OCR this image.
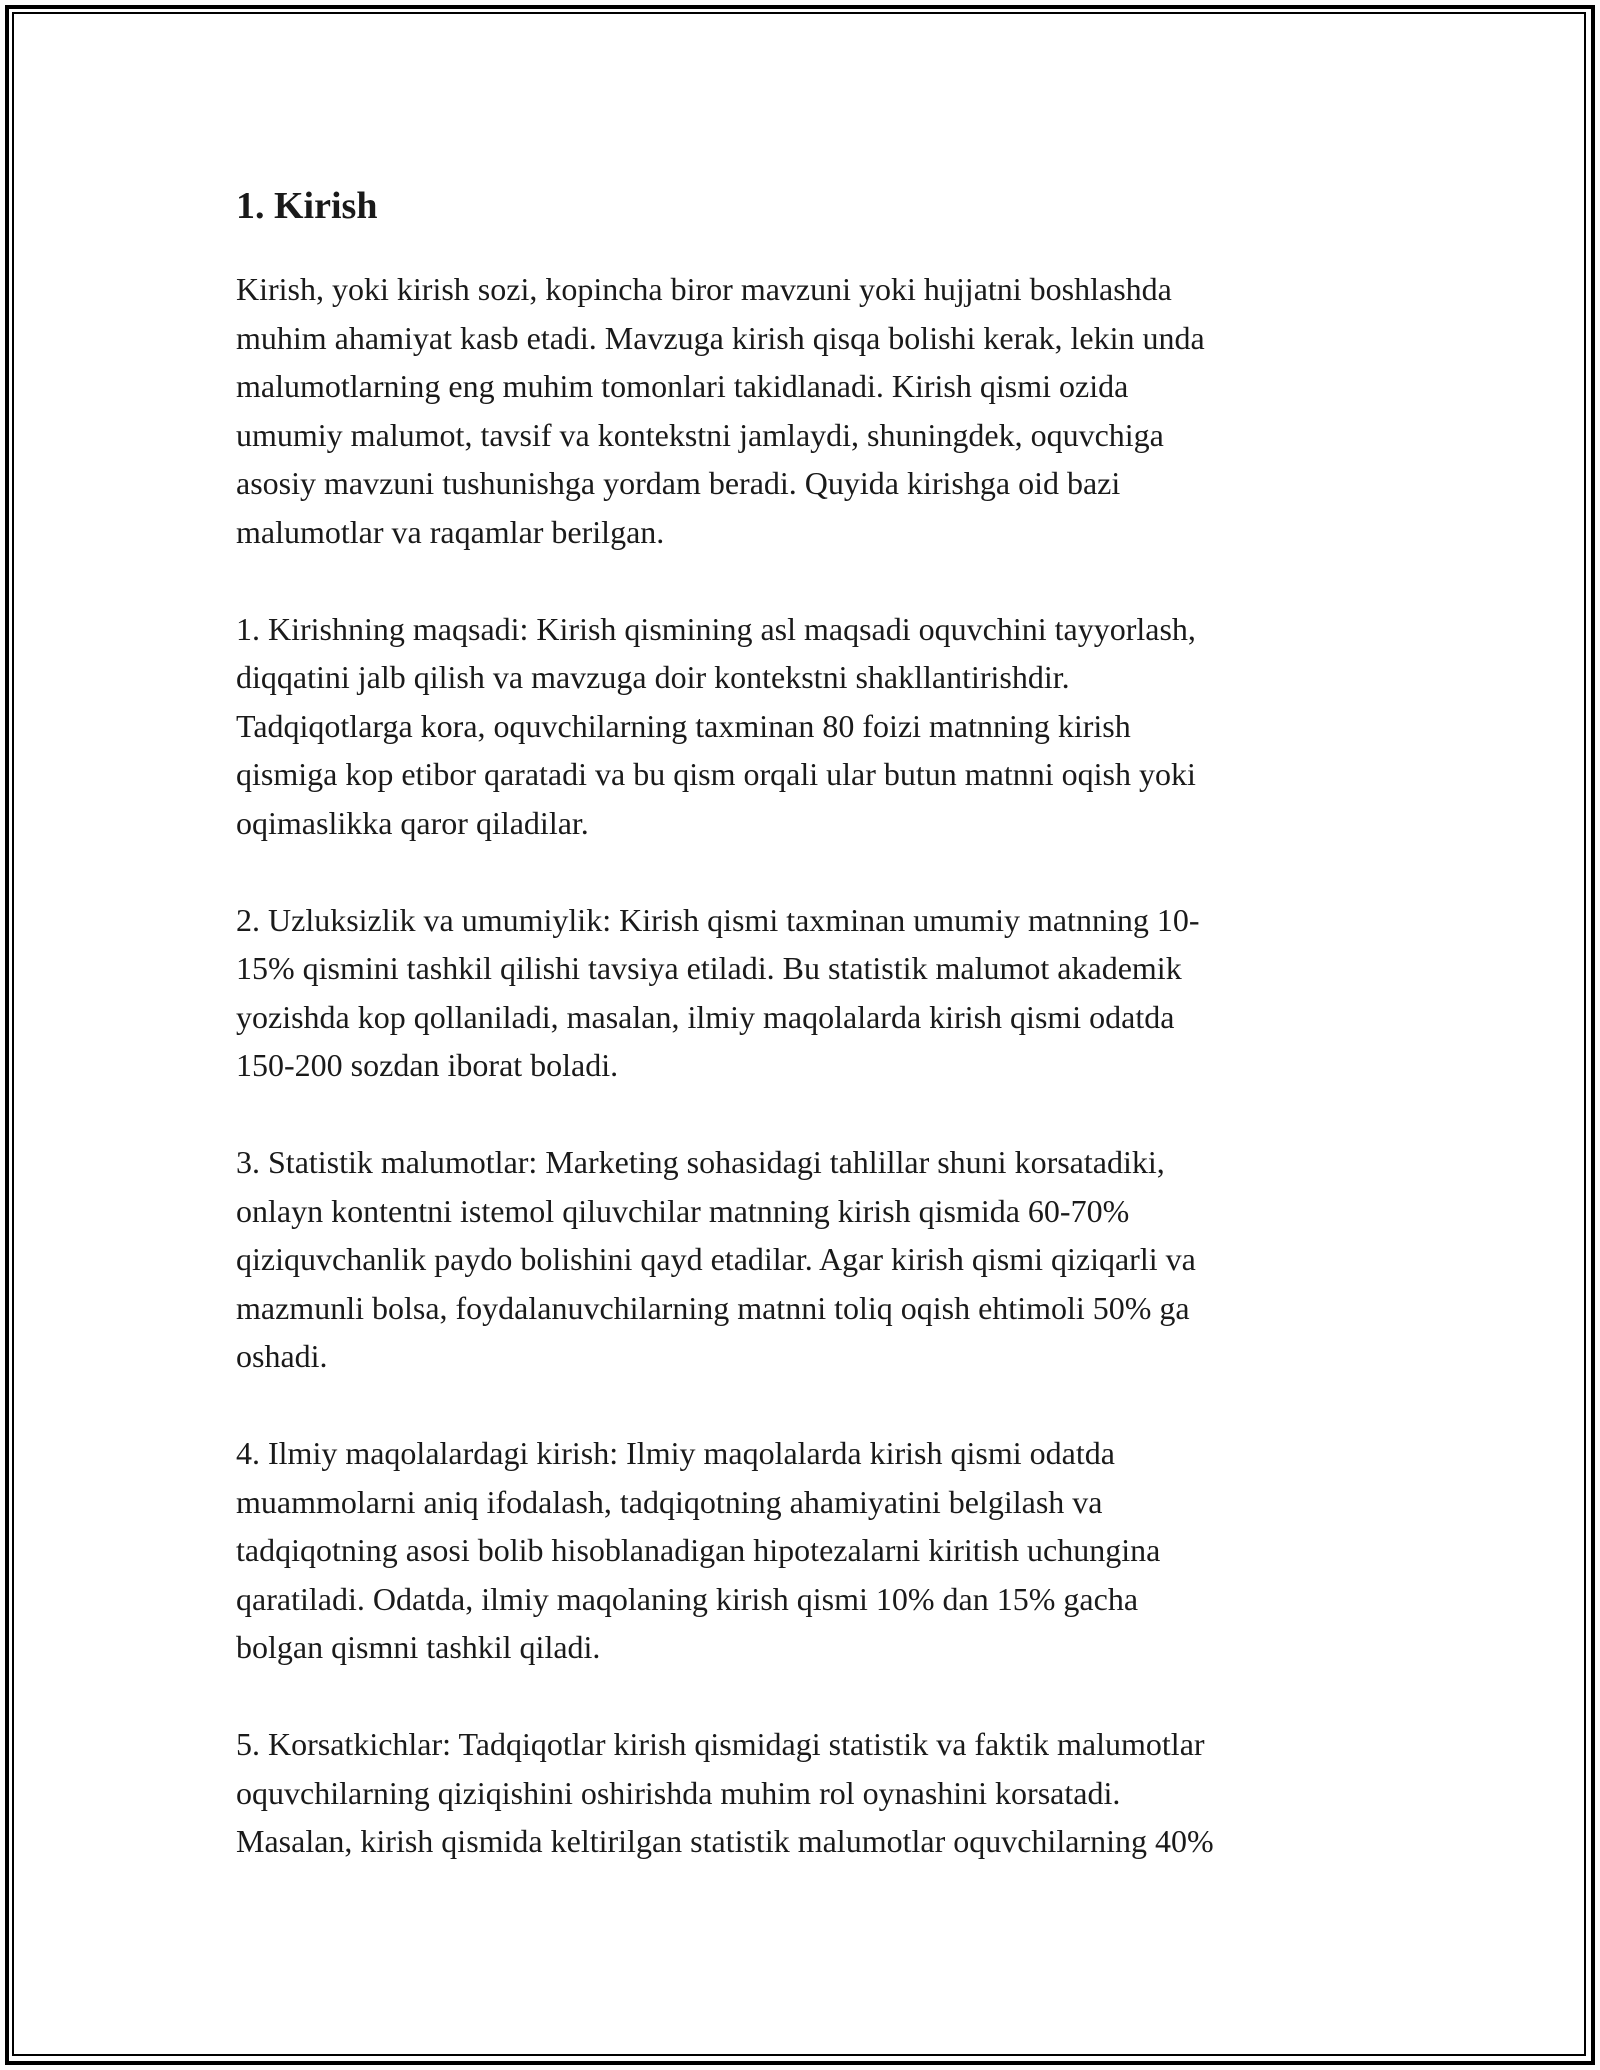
1. Kirish

Kirish, yoki kirish sozi, kopincha biror mavzuni yoki hujjatni boshlashda
muhim ahamiyat kasb etadi. Mavzuga kirish qisqa bolishi kerak, lekin unda
malumotlarning eng muhim tomonlari takidlanadi. Kirish qismi ozida
umumiy malumot, tavsif va kontekstni jamlaydi, shuningdek, oquvchiga
asosiy mavzuni tushunishga yordam beradi. Quyida kirishga oid bazi
malumotlar va raqamlar berilgan.

1. Kirishning maqsadi: Kirish qismining asl maqsadi oquvchini tayyorlash,
diqqatini jalb qilish va mavzuga doir kontekstni shakllantirishdir.
Tadqiqotlarga kora, oquvchilarning taxminan 80 foizi matnning kirish
qismiga kop etibor qaratadi va bu qism orqali ular butun matnni oqish yoki
oqimaslikka qaror qiladilar.

2. Uzluksizlik va umumiylik: Kirish qismi taxminan umumiy matnning 10-
15% qismini tashkil qilishi tavsiya etiladi. Bu statistik malumot akademik
yozishda kop qollaniladi, masalan, ilmiy maqolalarda kirish qismi odatda
150-200 sozdan iborat boladi.

3. Statistik malumotlar: Marketing sohasidagi tahlillar shuni korsatadiki,
onlayn kontentni istemol qiluvchilar matnning kirish qismida 60-70%
qiziquvchanlik paydo bolishini qayd etadilar. Agar kirish qismi qiziqarli va
mazmunli bolsa, foydalanuvchilarning matnni toliq oqish ehtimoli 50% ga
oshadi.

4. Ilmiy maqolalardagi kirish: Ilmiy maqolalarda kirish qismi odatda
muammolarni aniq ifodalash, tadqiqotning ahamiyatini belgilash va
tadqiqotning asosi bolib hisoblanadigan hipotezalarni kiritish uchungina
qaratiladi. Odatda, ilmiy maqolaning kirish qismi 10% dan 15% gacha
bolgan qismni tashkil qiladi.

5. Korsatkichlar: Tadqiqotlar kirish qismidagi statistik va faktik malumotlar
oquvchilarning qiziqishini oshirishda muhim rol oynashini korsatadi.
Masalan, kirish qismida keltirilgan statistik malumotlar oquvchilarning 40%
